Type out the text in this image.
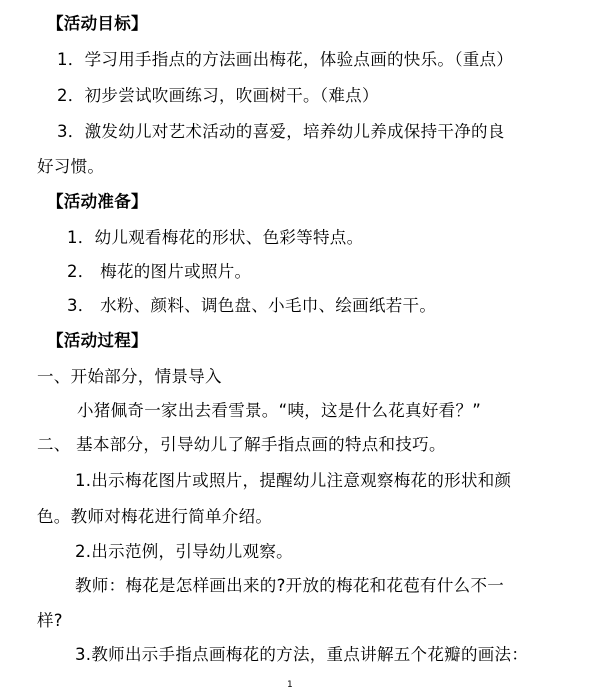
【活动目标】
1．学习用手指点的方法画出梅花，体验点画的快乐。（重点）
2．初步尝试吹画练习，吹画树干。（难点）
3．激发幼儿对艺术活动的喜爱，培养幼儿养成保持干净的良
好习惯。
【活动准备】
1．幼儿观看梅花的形状、色彩等特点。
2． 梅花的图片或照片。
3． 水粉、颜料、调色盘、小毛巾、绘画纸若干。
【活动过程】
一、开始部分，情景导入
小猪佩奇一家出去看雪景。“咦，这是什么花真好看？”
二、 基本部分，引导幼儿了解手指点画的特点和技巧。
1.出示梅花图片或照片，提醒幼儿注意观察梅花的形状和颜
色。教师对梅花进行简单介绍。
2.出示范例，引导幼儿观察。
教师：梅花是怎样画出来的?开放的梅花和花苞有什么不一
样?
3.教师出示手指点画梅花的方法，重点讲解五个花瓣的画法：
1
